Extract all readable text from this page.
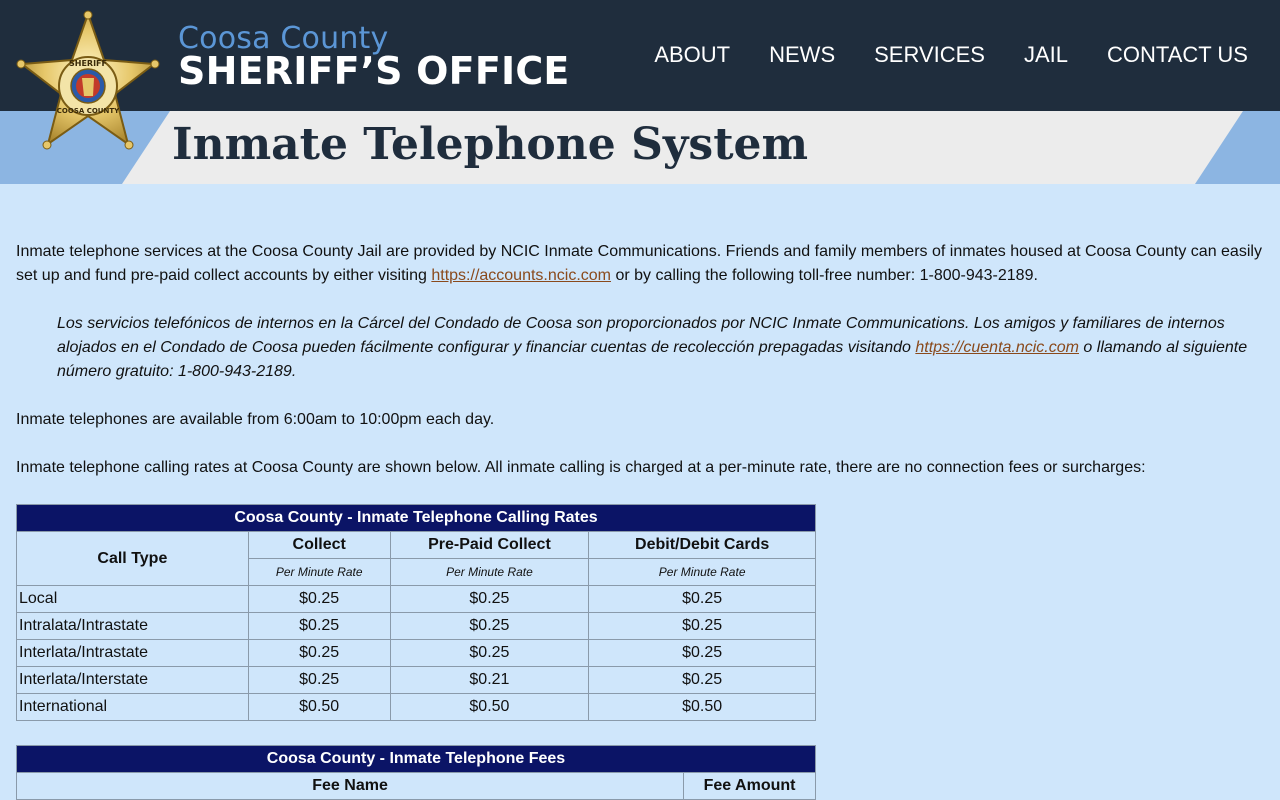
Coosa County
SHERIFF’S OFFICE	ABOUT NEWS SERVICES JAIL CONTACT US
SHERIFF
COOSA COUNTY
Inmate Telephone System

Inmate telephone services at the Coosa County Jail are provided by NCIC Inmate Communications. Friends and family members of inmates housed at Coosa County can easily set up and fund pre-paid collect accounts by either visiting https://accounts.ncic.com or by calling the following toll-free number: 1-800-943-2189.

Los servicios telefónicos de internos en la Cárcel del Condado de Coosa son proporcionados por NCIC Inmate Communications. Los amigos y familiares de internos alojados en el Condado de Coosa pueden fácilmente configurar y financiar cuentas de recolección prepagadas visitando https://cuenta.ncic.com o llamando al siguiente número gratuito: 1-800-943-2189.

Inmate telephones are available from 6:00am to 10:00pm each day.

Inmate telephone calling rates at Coosa County are shown below. All inmate calling is charged at a per-minute rate, there are no connection fees or surcharges:

Coosa County - Inmate Telephone Calling Rates			
Call Type	Collect	Pre-Paid Collect	Debit/Debit Cards
	Per Minute Rate	Per Minute Rate	Per Minute Rate
Local	$0.25	$0.25	$0.25
Intralata/Intrastate	$0.25	$0.25	$0.25
Interlata/Intrastate	$0.25	$0.25	$0.25
Interlata/Interstate	$0.25	$0.21	$0.25
International	$0.50	$0.50	$0.50
Coosa County - Inmate Telephone Fees
Fee Name	Fee Amount
